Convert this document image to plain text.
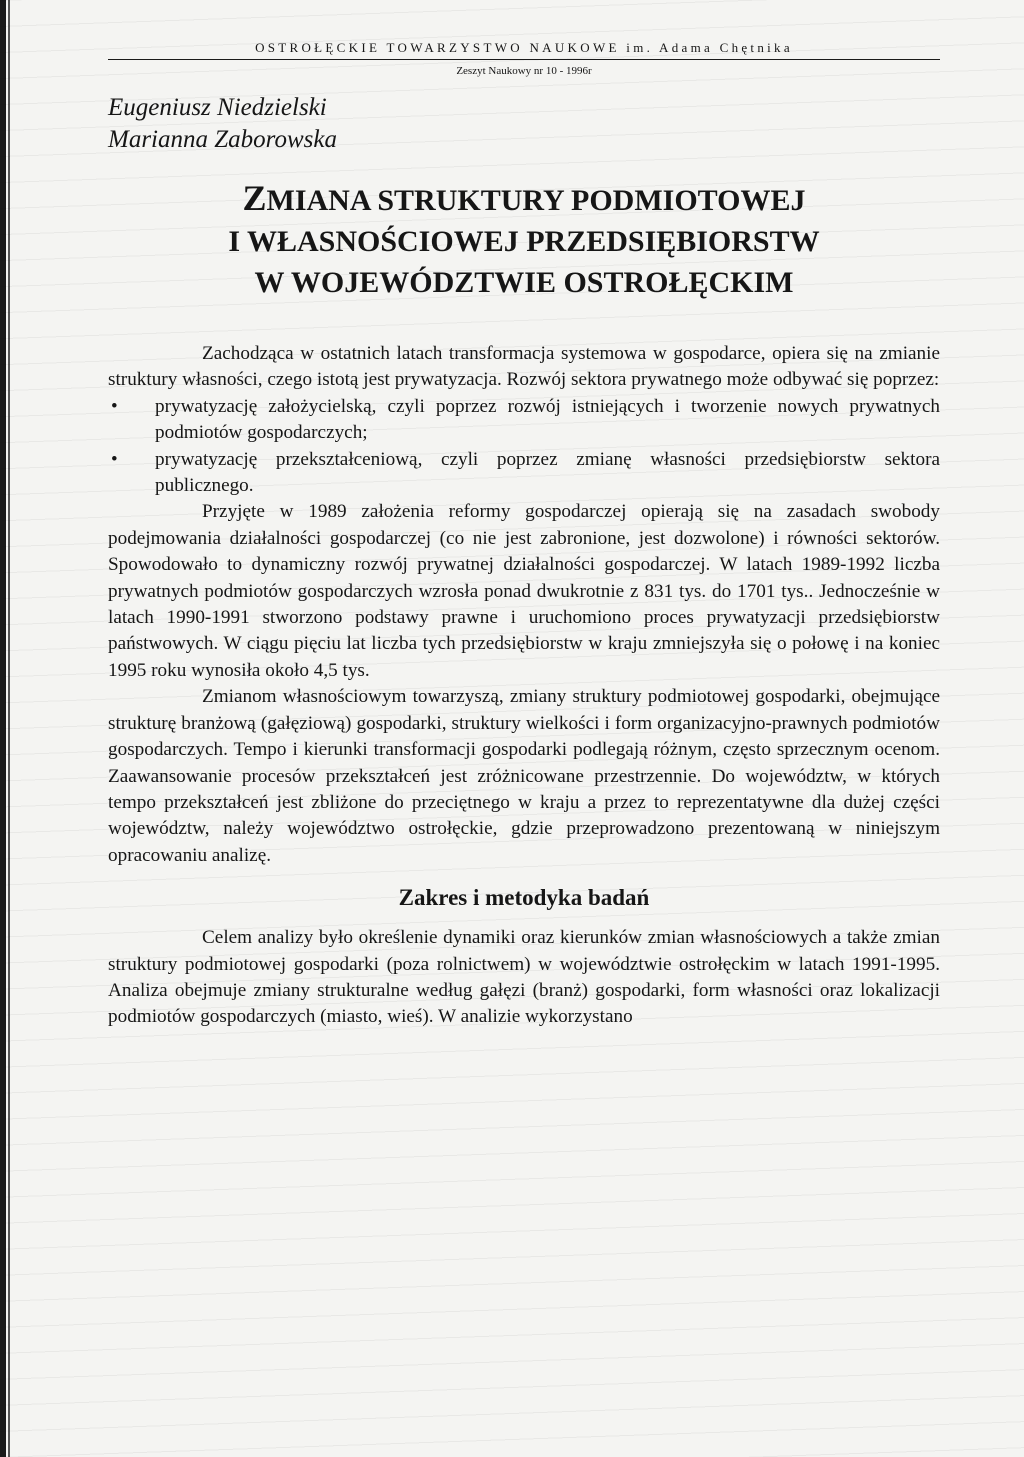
OSTROŁĘCKIE TOWARZYSTWO NAUKOWE im. Adama Chętnika
Zeszyt Naukowy nr 10 - 1996r
Eugeniusz Niedzielski
Marianna Zaborowska
ZMIANA STRUKTURY PODMIOTOWEJ
I WŁASNOŚCIOWEJ PRZEDSIĘBIORSTW
W WOJEWÓDZTWIE OSTROŁĘCKIM

Zachodząca w ostatnich latach transformacja systemowa w gospodarce, opiera się na zmianie struktury własności, czego istotą jest prywatyzacja. Rozwój sektora prywatnego może odbywać się poprzez:

• prywatyzację założycielską, czyli poprzez rozwój istniejących i tworzenie nowych prywatnych podmiotów gospodarczych;
• prywatyzację przekształceniową, czyli poprzez zmianę własności przedsiębiorstw sektora publicznego.

Przyjęte w 1989 założenia reformy gospodarczej opierają się na zasadach swobody podejmowania działalności gospodarczej (co nie jest zabronione, jest dozwolone) i równości sektorów. Spowodowało to dynamiczny rozwój prywatnej działalności gospodarczej. W latach 1989-1992 liczba prywatnych podmiotów gospodarczych wzrosła ponad dwukrotnie z 831 tys. do 1701 tys.. Jednocześnie w latach 1990-1991 stworzono podstawy prawne i uruchomiono proces prywatyzacji przedsiębiorstw państwowych. W ciągu pięciu lat liczba tych przedsiębiorstw w kraju zmniejszyła się o połowę i na koniec 1995 roku wynosiła około 4,5 tys.

Zmianom własnościowym towarzyszą, zmiany struktury podmiotowej gospodarki, obejmujące strukturę branżową (gałęziową) gospodarki, struktury wielkości i form organizacyjno-prawnych podmiotów gospodarczych. Tempo i kierunki transformacji gospodarki podlegają różnym, często sprzecznym ocenom. Zaawansowanie procesów przekształceń jest zróżnicowane przestrzennie. Do województw, w których tempo przekształceń jest zbliżone do przeciętnego w kraju a przez to reprezentatywne dla dużej części województw, należy województwo ostrołęckie, gdzie przeprowadzono prezentowaną w niniejszym opracowaniu analizę.

Zakres i metodyka badań

Celem analizy było określenie dynamiki oraz kierunków zmian własnościowych a także zmian struktury podmiotowej gospodarki (poza rolnictwem) w województwie ostrołęckim w latach 1991-1995. Analiza obejmuje zmiany strukturalne według gałęzi (branż) gospodarki, form własności oraz lokalizacji podmiotów gospodarczych (miasto, wieś). W analizie wykorzystano
